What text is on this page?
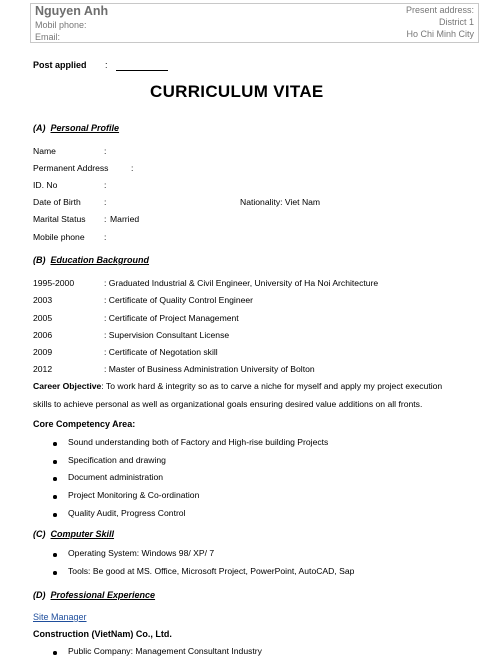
Nguyen Anh
Mobil phone:
Email:
Present address:
District 1
Ho Chi Minh City
Post applied :
CURRICULUM VITAE
(A) Personal Profile
Name	:
Permanent Address	:
ID. No	:
Date of Birth	:	Nationality: Viet Nam
Marital Status : Married
Mobile phone :
(B) Education Background
1995-2000	: Graduated Industrial & Civil Engineer, University of Ha Noi Architecture
2003	: Certificate of Quality Control Engineer
2005	: Certificate of Project Management
2006	: Supervision Consultant License
2009	: Certificate of Negotation skill
2012	: Master of Business Administration University of Bolton
Career Objective: To work hard & integrity so as to carve a niche for myself and apply my project execution
skills to achieve personal as well as organizational goals ensuring desired value additions on all fronts.
Core Competency Area:
Sound understanding both of Factory and High-rise building Projects
Specification and drawing
Document administration
Project Monitoring & Co-ordination
Quality Audit, Progress Control
(C) Computer Skill
Operating System: Windows 98/ XP/ 7
Tools: Be good at MS. Office, Microsoft Project, PowerPoint, AutoCAD, Sap
(D) Professional Experience
Site Manager
Construction (VietNam) Co., Ltd.
Public Company: Management Consultant Industry
